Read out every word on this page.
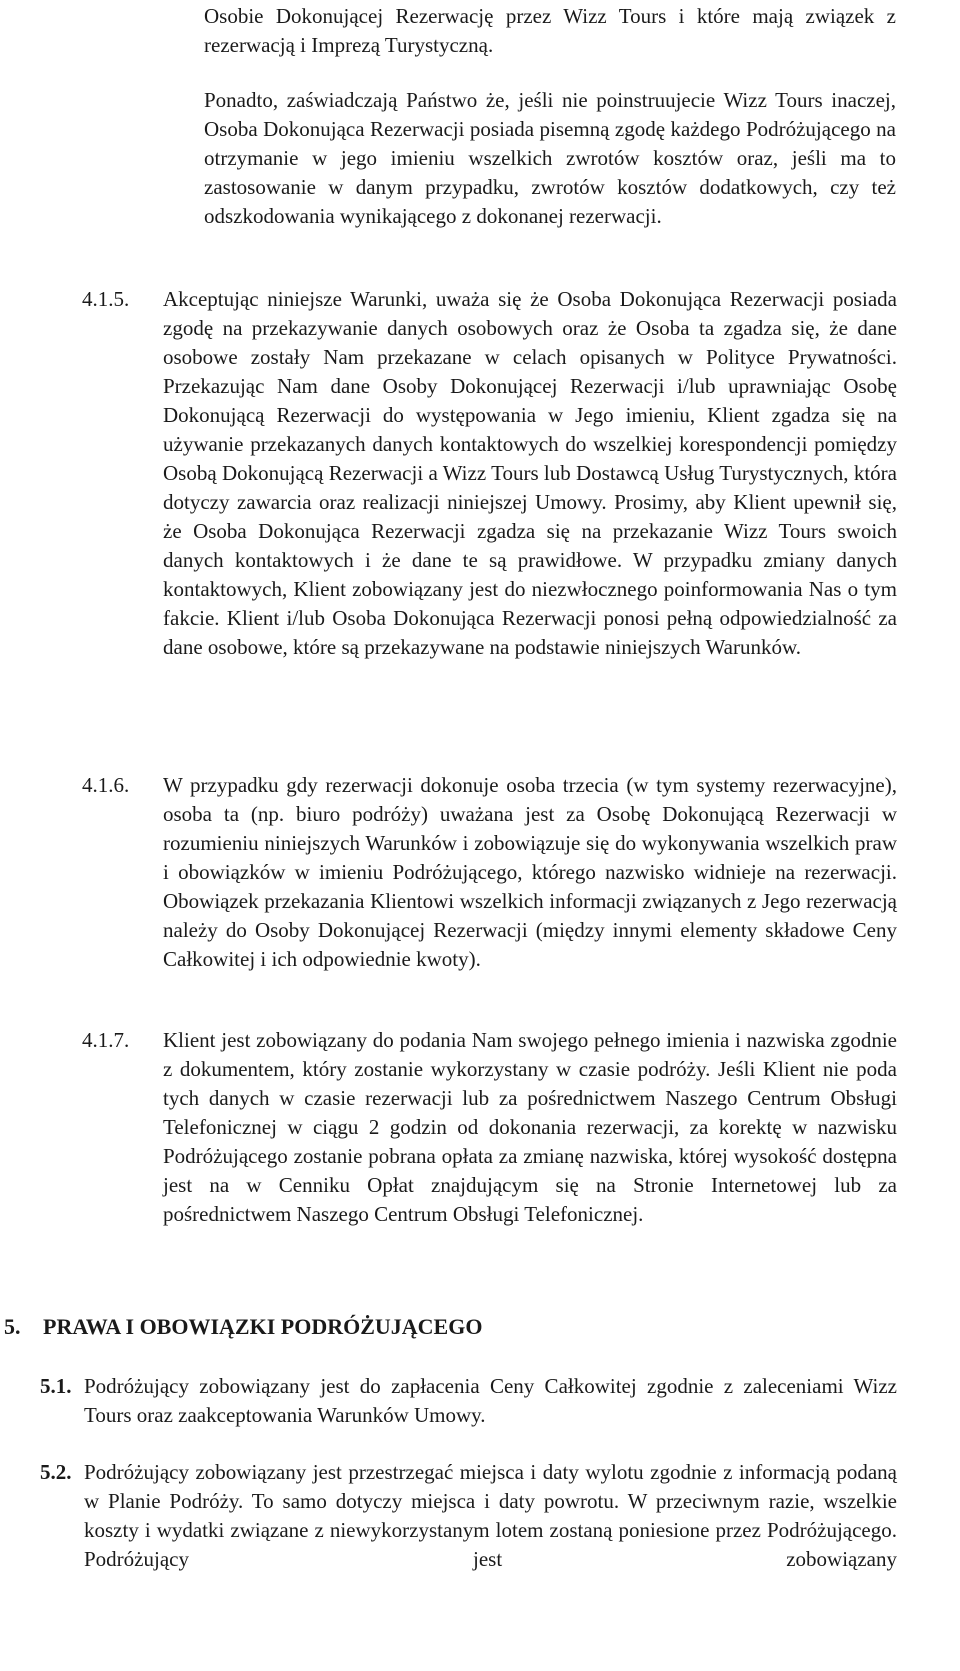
Osobie Dokonującej Rezerwację przez Wizz Tours i które mają związek z rezerwacją i Imprezą Turystyczną.

Ponadto, zaświadczają Państwo że, jeśli nie poinstruujecie Wizz Tours inaczej, Osoba Dokonująca Rezerwacji posiada pisemną zgodę każdego Podróżującego na otrzymanie w jego imieniu wszelkich zwrotów kosztów oraz, jeśli ma to zastosowanie w danym przypadku, zwrotów kosztów dodatkowych, czy też odszkodowania wynikającego z dokonanej rezerwacji.

4.1.5. Akceptując niniejsze Warunki, uważa się że Osoba Dokonująca Rezerwacji posiada zgodę na przekazywanie danych osobowych oraz że Osoba ta zgadza się, że dane osobowe zostały Nam przekazane w celach opisanych w Polityce Prywatności. Przekazując Nam dane Osoby Dokonującej Rezerwacji i/lub uprawniając Osobę Dokonującą Rezerwacji do występowania w Jego imieniu, Klient zgadza się na używanie przekazanych danych kontaktowych do wszelkiej korespondencji pomiędzy Osobą Dokonującą Rezerwacji a Wizz Tours lub Dostawcą Usług Turystycznych, która dotyczy zawarcia oraz realizacji niniejszej Umowy. Prosimy, aby Klient upewnił się, że Osoba Dokonująca Rezerwacji zgadza się na przekazanie Wizz Tours swoich danych kontaktowych i że dane te są prawidłowe. W przypadku zmiany danych kontaktowych, Klient zobowiązany jest do niezwłocznego poinformowania Nas o tym fakcie. Klient i/lub Osoba Dokonująca Rezerwacji ponosi pełną odpowiedzialność za dane osobowe, które są przekazywane na podstawie niniejszych Warunków.

4.1.6. W przypadku gdy rezerwacji dokonuje osoba trzecia (w tym systemy rezerwacyjne), osoba ta (np. biuro podróży) uważana jest za Osobę Dokonującą Rezerwacji w rozumieniu niniejszych Warunków i zobowiązuje się do wykonywania wszelkich praw i obowiązków w imieniu Podróżującego, którego nazwisko widnieje na rezerwacji. Obowiązek przekazania Klientowi wszelkich informacji związanych z Jego rezerwacją należy do Osoby Dokonującej Rezerwacji (między innymi elementy składowe Ceny Całkowitej i ich odpowiednie kwoty).

4.1.7. Klient jest zobowiązany do podania Nam swojego pełnego imienia i nazwiska zgodnie z dokumentem, który zostanie wykorzystany w czasie podróży. Jeśli Klient nie poda tych danych w czasie rezerwacji lub za pośrednictwem Naszego Centrum Obsługi Telefonicznej w ciągu 2 godzin od dokonania rezerwacji, za korektę w nazwisku Podróżującego zostanie pobrana opłata za zmianę nazwiska, której wysokość dostępna jest na w Cenniku Opłat znajdującym się na Stronie Internetowej lub za pośrednictwem Naszego Centrum Obsługi Telefonicznej.

5. PRAWA I OBOWIĄZKI PODRÓŻUJĄCEGO
5.1. Podróżujący zobowiązany jest do zapłacenia Ceny Całkowitej zgodnie z zaleceniami Wizz Tours oraz zaakceptowania Warunków Umowy.

5.2. Podróżujący zobowiązany jest przestrzegać miejsca i daty wylotu zgodnie z informacją podaną w Planie Podróży. To samo dotyczy miejsca i daty powrotu. W przeciwnym razie, wszelkie koszty i wydatki związane z niewykorzystanym lotem zostaną poniesione przez Podróżującego. Podróżujący jest zobowiązany
